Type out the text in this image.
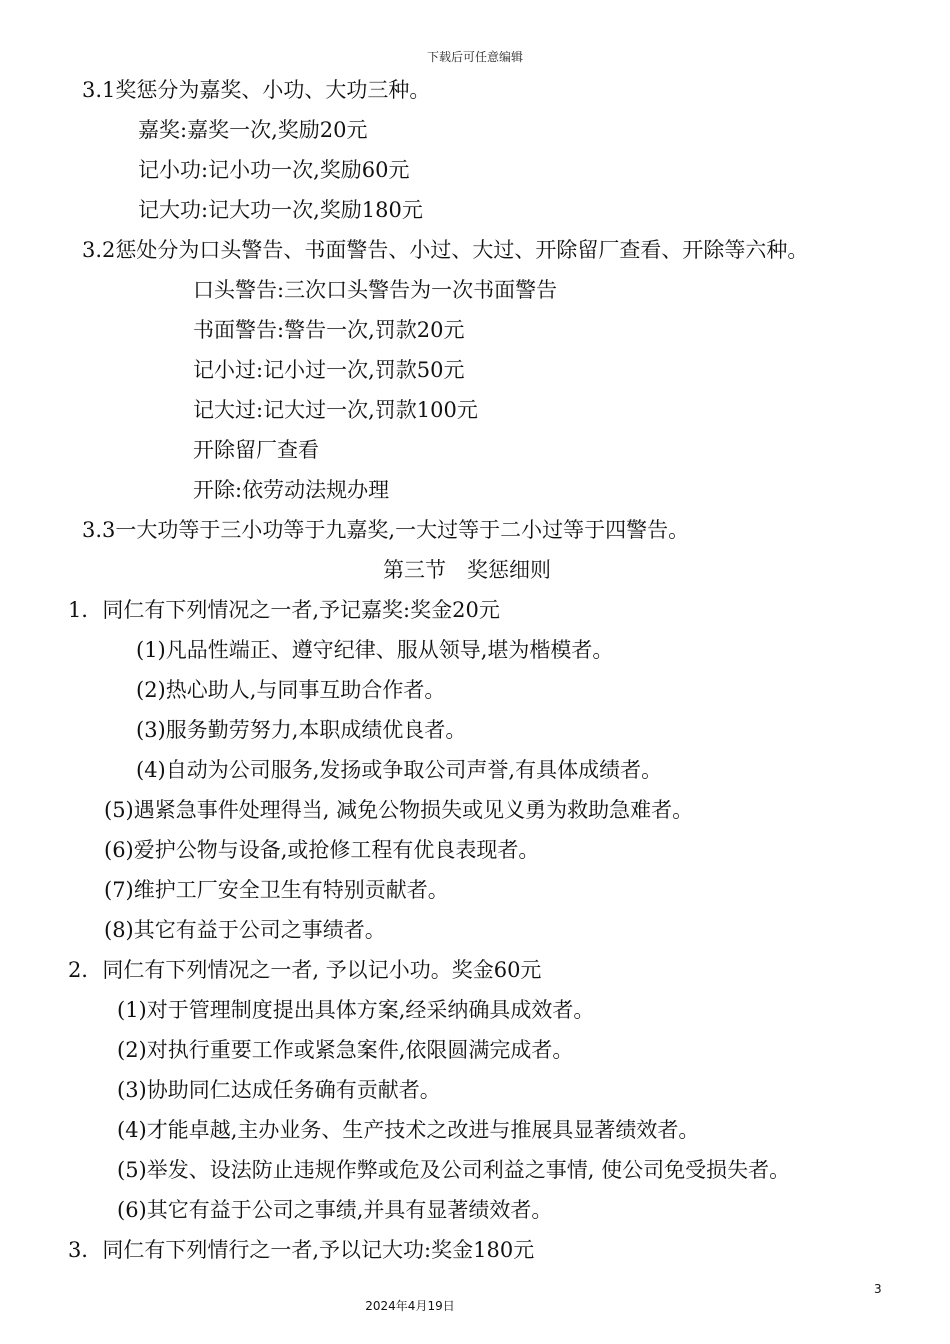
下载后可任意编辑
3.1奖惩分为嘉奖、小功、大功三种。
嘉奖:嘉奖一次,奖励20元
记小功:记小功一次,奖励60元
记大功:记大功一次,奖励180元
3.2惩处分为口头警告、书面警告、小过、大过、开除留厂查看、开除等六种。
口头警告:三次口头警告为一次书面警告
书面警告:警告一次,罚款20元
记小过:记小过一次,罚款50元
记大过:记大过一次,罚款100元
开除留厂查看
开除:依劳动法规办理
3.3一大功等于三小功等于九嘉奖,一大过等于二小过等于四警告。
第三节　奖惩细则
1．同仁有下列情况之一者,予记嘉奖:奖金20元
(1)凡品性端正、遵守纪律、服从领导,堪为楷模者。
(2)热心助人,与同事互助合作者。
(3)服务勤劳努力,本职成绩优良者。
(4)自动为公司服务,发扬或争取公司声誉,有具体成绩者。
(5)遇紧急事件处理得当, 减免公物损失或见义勇为救助急难者。
(6)爱护公物与设备,或抢修工程有优良表现者。
(7)维护工厂安全卫生有特别贡献者。
(8)其它有益于公司之事绩者。
2．同仁有下列情况之一者, 予以记小功。奖金60元
(1)对于管理制度提出具体方案,经采纳确具成效者。
(2)对执行重要工作或紧急案件,依限圆满完成者。
(3)协助同仁达成任务确有贡献者。
(4)才能卓越,主办业务、生产技术之改进与推展具显著绩效者。
(5)举发、设法防止违规作弊或危及公司利益之事情, 使公司免受损失者。
(6)其它有益于公司之事绩,并具有显著绩效者。
3．同仁有下列情行之一者,予以记大功:奖金180元
3
2024年4月19日
